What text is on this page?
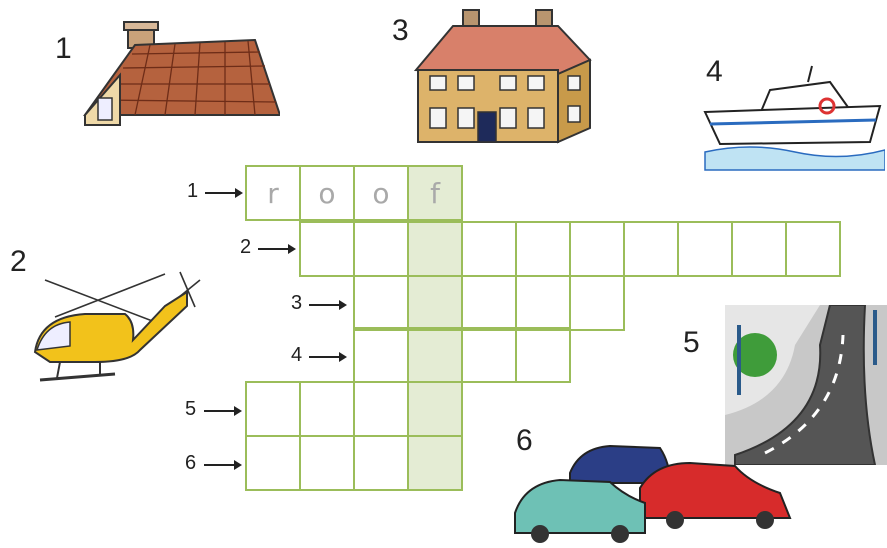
1
2
3
4
5
6
r o o f
1
2
3
4
5
6
